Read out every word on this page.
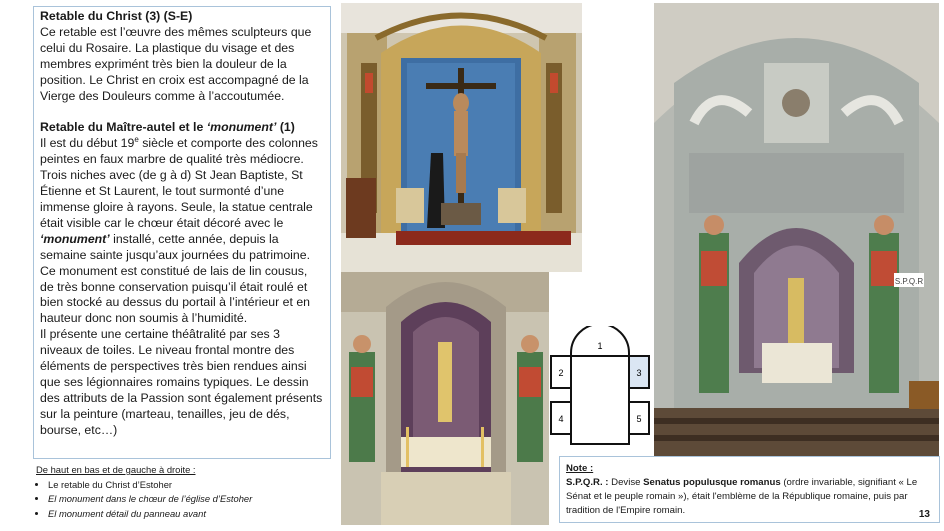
Retable du Christ (3) (S-E)

Ce retable est l’œuvre des mêmes sculpteurs que celui du Rosaire. La plastique du visage et des membres exprimént très bien la douleur de la position. Le Christ en croix est accompagné de la Vierge des Douleurs comme à l’accoutumée.

Retable du Maître-autel et le ‘monument’ (1)

Il est du début 19e siècle et comporte des colonnes peintes en faux marbre de qualité très médiocre. Trois niches avec (de g à d) St Jean Baptiste, St Étienne et St Laurent, le tout surmonté d’une immense gloire à rayons. Seule, la statue centrale était visible car le chœur était décoré avec le ‘monument’ installé, cette année, depuis la semaine sainte jusqu’aux journées du patrimoine.

Ce monument est constitué de lais de lin cousus, de très bonne conservation puisqu’il était roulé et bien stocké au dessus du portail à l’intérieur et en hauteur donc non soumis à l’humidité.

Il présente une certaine théâtralité par ses 3 niveaux de toiles. Le niveau frontal montre des éléments de perspectives très bien rendues ainsi que ses légionnaires romains typiques. Le dessin des attributs de la Passion sont également présents sur la peinture (marteau, tenailles, jeu de dés, bourse, etc…)

De haut en bas et de gauche à droite :
• Le retable du Christ d’Estoher
• El monument dans le chœur de l’église d’Estoher
• El monument détail du panneau avant
S.P.Q.R
1
2	3
4	5
Note :
S.P.Q.R. : Devise Senatus populusque romanus (ordre invariable, signifiant « Le Sénat et le peuple romain »), était l'emblème de la République romaine, puis par tradition de l'Empire romain.	13
